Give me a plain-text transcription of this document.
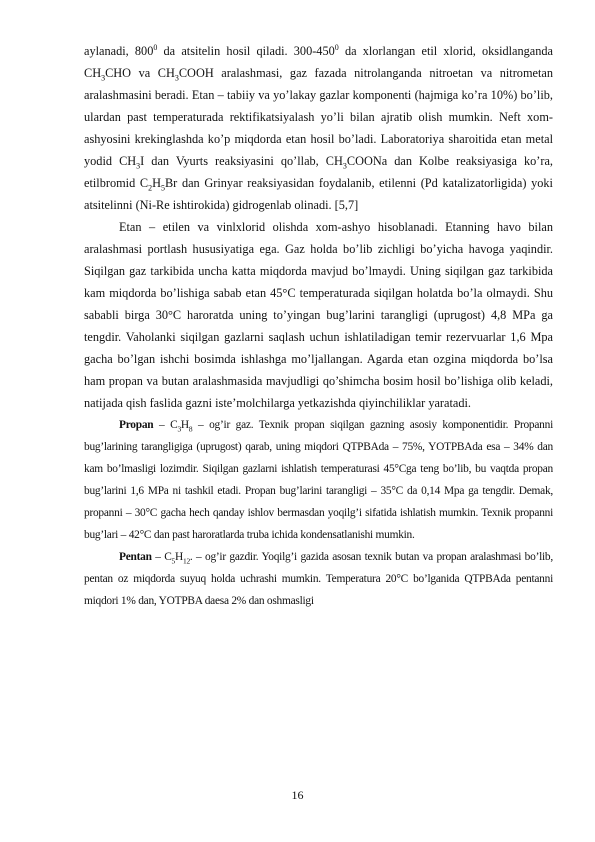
aylanadi, $800^0$ da atsitelin hosil qiladi. $300-450^0$ da xlorlangan etil xlorid, oksidlanganda $CH_3CHO$ va $CH_3COOH$ aralashmasi, gaz fazada nitrolanganda nitroetan va nitrometan aralashmasini beradi. Etan – tabiiy va yo’lakay gazlar komponenti (hajmiga ko’ra 10%) bo’lib, ulardan past temperaturada rektifikatsiyalash yo’li bilan ajratib olish mumkin. Neft xom-ashyosini krekinglashda ko’p miqdorda etan hosil bo’ladi. Laboratoriya sharoitida etan metal yodid $CH_3I$ dan Vyurts reaksiyasini qo’llab, $CH_3COONa$ dan Kolbe reaksiyasiga ko’ra, etilbromid $C_2H_5Br$ dan Grinyar reaksiyasidan foydalanib, etilenni (Pd katalizatorligida) yoki atsitelinni (Ni-Re ishtirokida) gidrogenlab olinadi. [5,7]

Etan – etilen va vinlxlorid olishda xom-ashyo hisoblanadi. Etanning havo bilan aralashmasi portlash hususiyatiga ega. Gaz holda bo’lib zichligi bo’yicha havoga yaqindir. Siqilgan gaz tarkibida uncha katta miqdorda mavjud bo’lmaydi. Uning siqilgan gaz tarkibida kam miqdorda bo’lishiga sabab etan 45°C temperaturada siqilgan holatda bo’la olmaydi. Shu sababli birga 30°C haroratda uning to’yingan bug’larini tarangligi (uprugost) 4,8 MPa ga tengdir. Vaholanki siqilgan gazlarni saqlash uchun ishlatiladigan temir rezervuarlar 1,6 Mpa gacha bo’lgan ishchi bosimda ishlashga mo’ljallangan. Agarda etan ozgina miqdorda bo’lsa ham propan va butan aralashmasida mavjudligi qo’shimcha bosim hosil bo’lishiga olib keladi, natijada qish faslida gazni iste’molchilarga yetkazishda qiyinchiliklar yaratadi.

Propan – $C_3H_8$ – og’ir gaz. Texnik propan siqilgan gazning asosiy komponentidir. Propanni bug’larining tarangligiga (uprugost) qarab, uning miqdori QTPBAda – 75%, YOTPBAda esa – 34% dan kam bo’lmasligi lozimdir. Siqilgan gazlarni ishlatish temperaturasi 45°Cga teng bo’lib, bu vaqtda propan bug’larini 1,6 MPa ni tashkil etadi. Propan bug’larini tarangligi – 35°C da 0,14 Mpa ga tengdir. Demak, propanni – 30°C gacha hech qanday ishlov bermasdan yoqilg’i sifatida ishlatish mumkin. Texnik propanni bug’lari – 42°C dan past haroratlarda truba ichida kondensatlanishi mumkin.

Pentan – $C_5H_{12}$. – og’ir gazdir. Yoqilg’i gazida asosan texnik butan va propan aralashmasi bo’lib, pentan oz miqdorda suyuq holda uchrashi mumkin. Temperatura 20°C bo’lganida QTPBAda pentanni miqdori 1% dan, YOTPBA daesa 2% dan oshmasligi

16
